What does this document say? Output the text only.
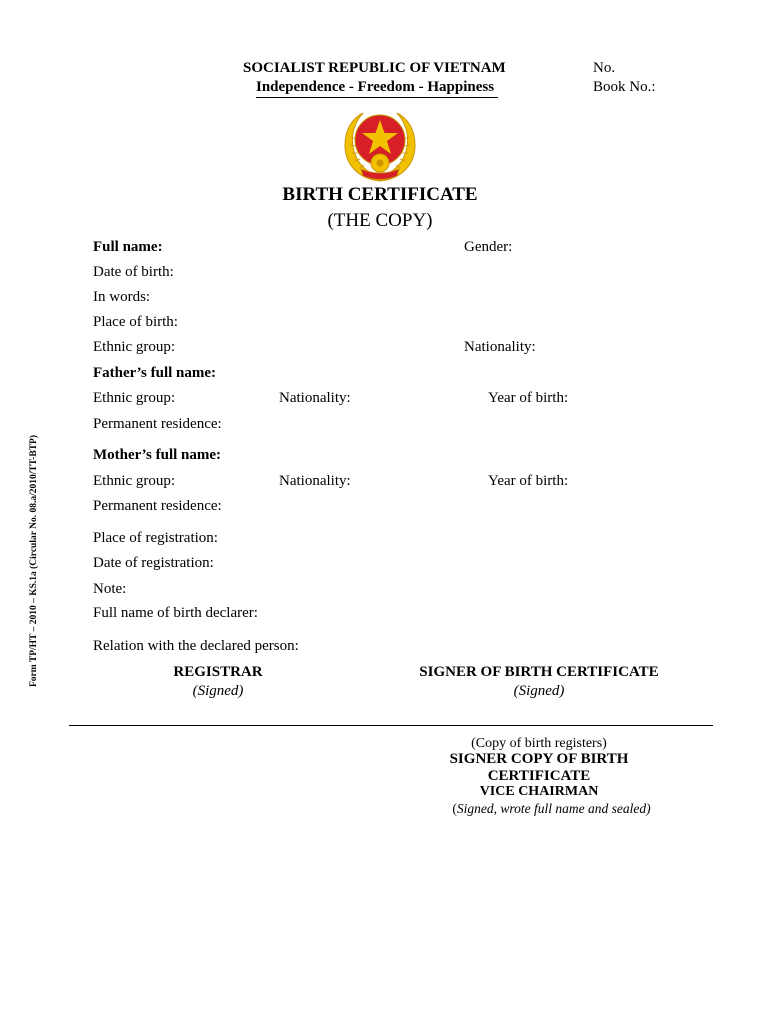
SOCIALIST REPUBLIC OF VIETNAM
Independence - Freedom - Happiness
No.
Book No.:
BIRTH CERTIFICATE
(THE COPY)
Form TP/HT – 2010 – KS.1a (Circular No. 08.a/2010/TT-BTP)
Full name:	Gender:
Date of birth:
In words:
Place of birth:
Ethnic group:	Nationality:
Father’s full name:
Ethnic group:	Nationality:	Year of birth:
Permanent residence:
Mother’s full name:
Ethnic group:	Nationality:	Year of birth:
Permanent residence:
Place of registration:
Date of registration:
Note:
Full name of birth declarer:
Relation with the declared person:
REGISTRAR
(Signed)
SIGNER OF BIRTH CERTIFICATE
(Signed)
(Copy of birth registers)
SIGNER COPY OF BIRTH
CERTIFICATE
VICE CHAIRMAN
(Signed, wrote full name and sealed)
